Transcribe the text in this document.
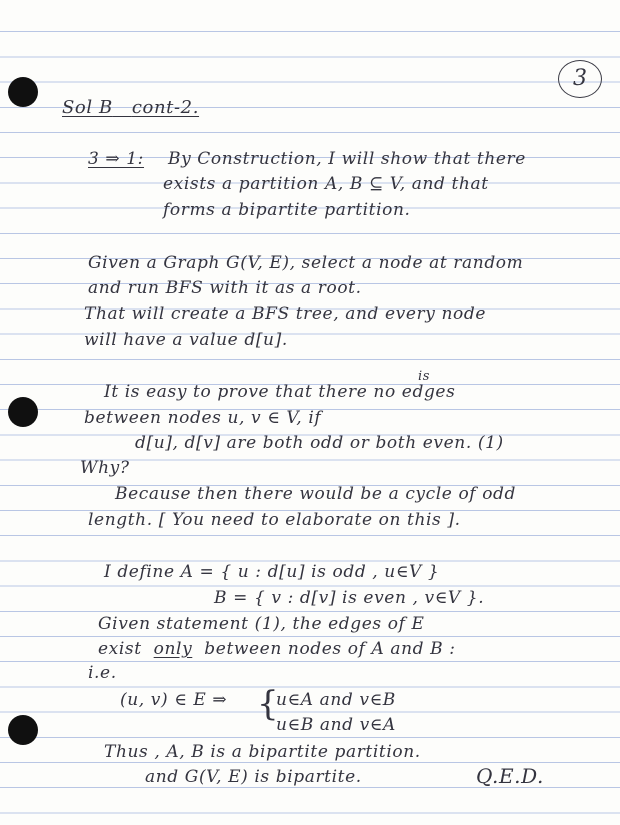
3
Sol B cont-2.
3 ⇒ 1: By Construction, I will show that there
exists a partition A, B ⊆ V, and that
forms a bipartite partition.
Given a Graph G(V, E), select a node at random
and run BFS with it as a root.
That will create a BFS tree, and every node
will have a value d[u].
is
It is easy to prove that there no edges
between nodes u, v ∈ V, if
d[u], d[v] are both odd or both even. (1)
Why?
Because then there would be a cycle of odd
length. [ You need to elaborate on this ].
I define A = { u : d[u] is odd , u∈V }
B = { v : d[v] is even , v∈V }.
Given statement (1), the edges of E
exist only between nodes of A and B :
i.e.
(u, v) ∈ E ⇒ {
u∈A and v∈B
u∈B and v∈A
Thus , A, B is a bipartite partition.
and G(V, E) is bipartite.	Q.E.D.
